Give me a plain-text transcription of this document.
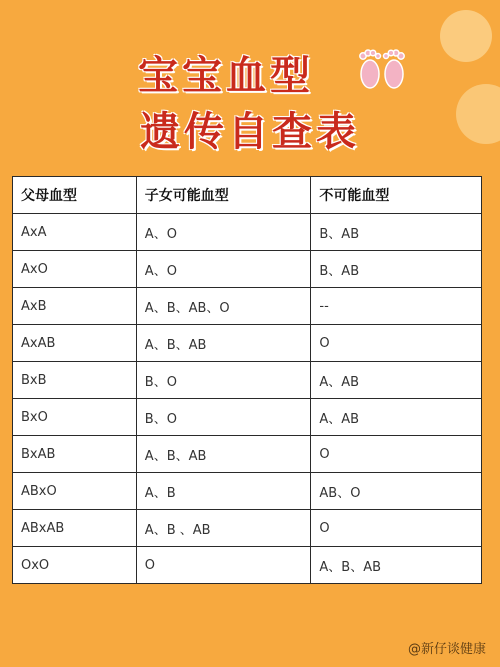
宝宝血型
遗传自查表
父母血型	子女可能血型	不可能血型
AxA	A、O	B、AB
AxO	A、O	B、AB
AxB	A、B、AB、O	--
AxAB	A、B、AB	O
BxB	B、O	A、AB
BxO	B、O	A、AB
BxAB	A、B、AB	O
ABxO	A、B	AB、O
ABxAB	A、B 、AB	O
OxO	O	A、B、AB
@新仔谈健康
